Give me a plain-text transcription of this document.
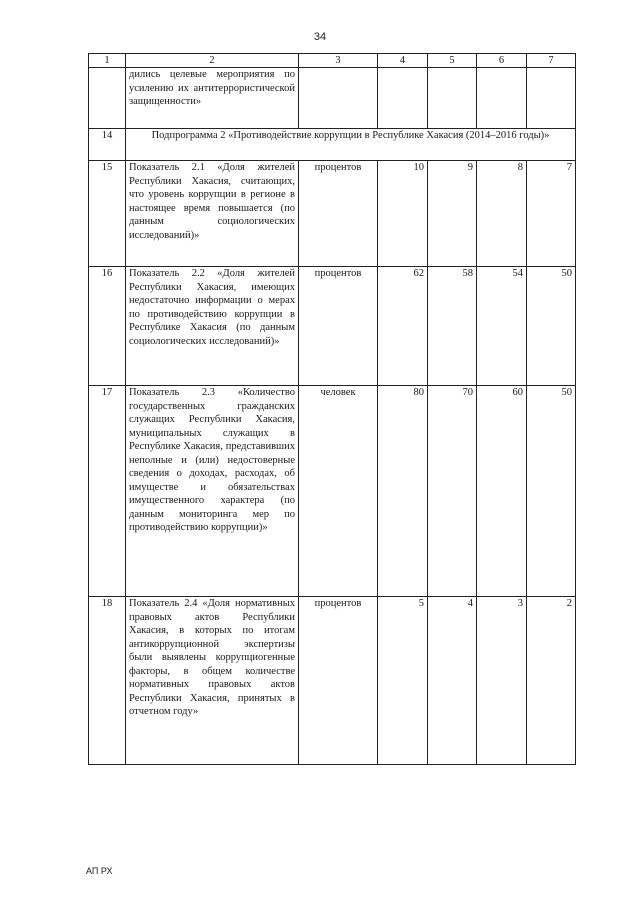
34
1	2	3	4	5	6	7
	дились целевые мероприятия по усилению их антитеррористической защищенности»					
14	Подпрограмма 2 «Противодействие коррупции в Республике Хакасия (2014–2016 годы)»					
15	Показатель 2.1 «Доля жителей Республики Хакасия, считающих, что уровень коррупции в регионе в настоящее время повышается (по данным социологических исследований)»	процентов	10	9	8	7
16	Показатель 2.2 «Доля жителей Республики Хакасия, имеющих недостаточно информации о мерах по противодействию коррупции в Республике Хакасия (по данным социологических исследований)»	процентов	62	58	54	50
17	Показатель 2.3 «Количество государственных гражданских служащих Республики Хакасия, муниципальных служащих в Республике Хакасия, представивших неполные и (или) недостоверные сведения о доходах, расходах, об имуществе и обязательствах имущественного характера (по данным мониторинга мер по противодействию коррупции)»	человек	80	70	60	50
18	Показатель 2.4 «Доля нормативных правовых актов Республики Хакасия, в которых по итогам антикоррупционной экспертизы были выявлены коррупциогенные факторы, в общем количестве нормативных правовых актов Республики Хакасия, принятых в отчетном году»	процентов	5	4	3	2
АП РХ
